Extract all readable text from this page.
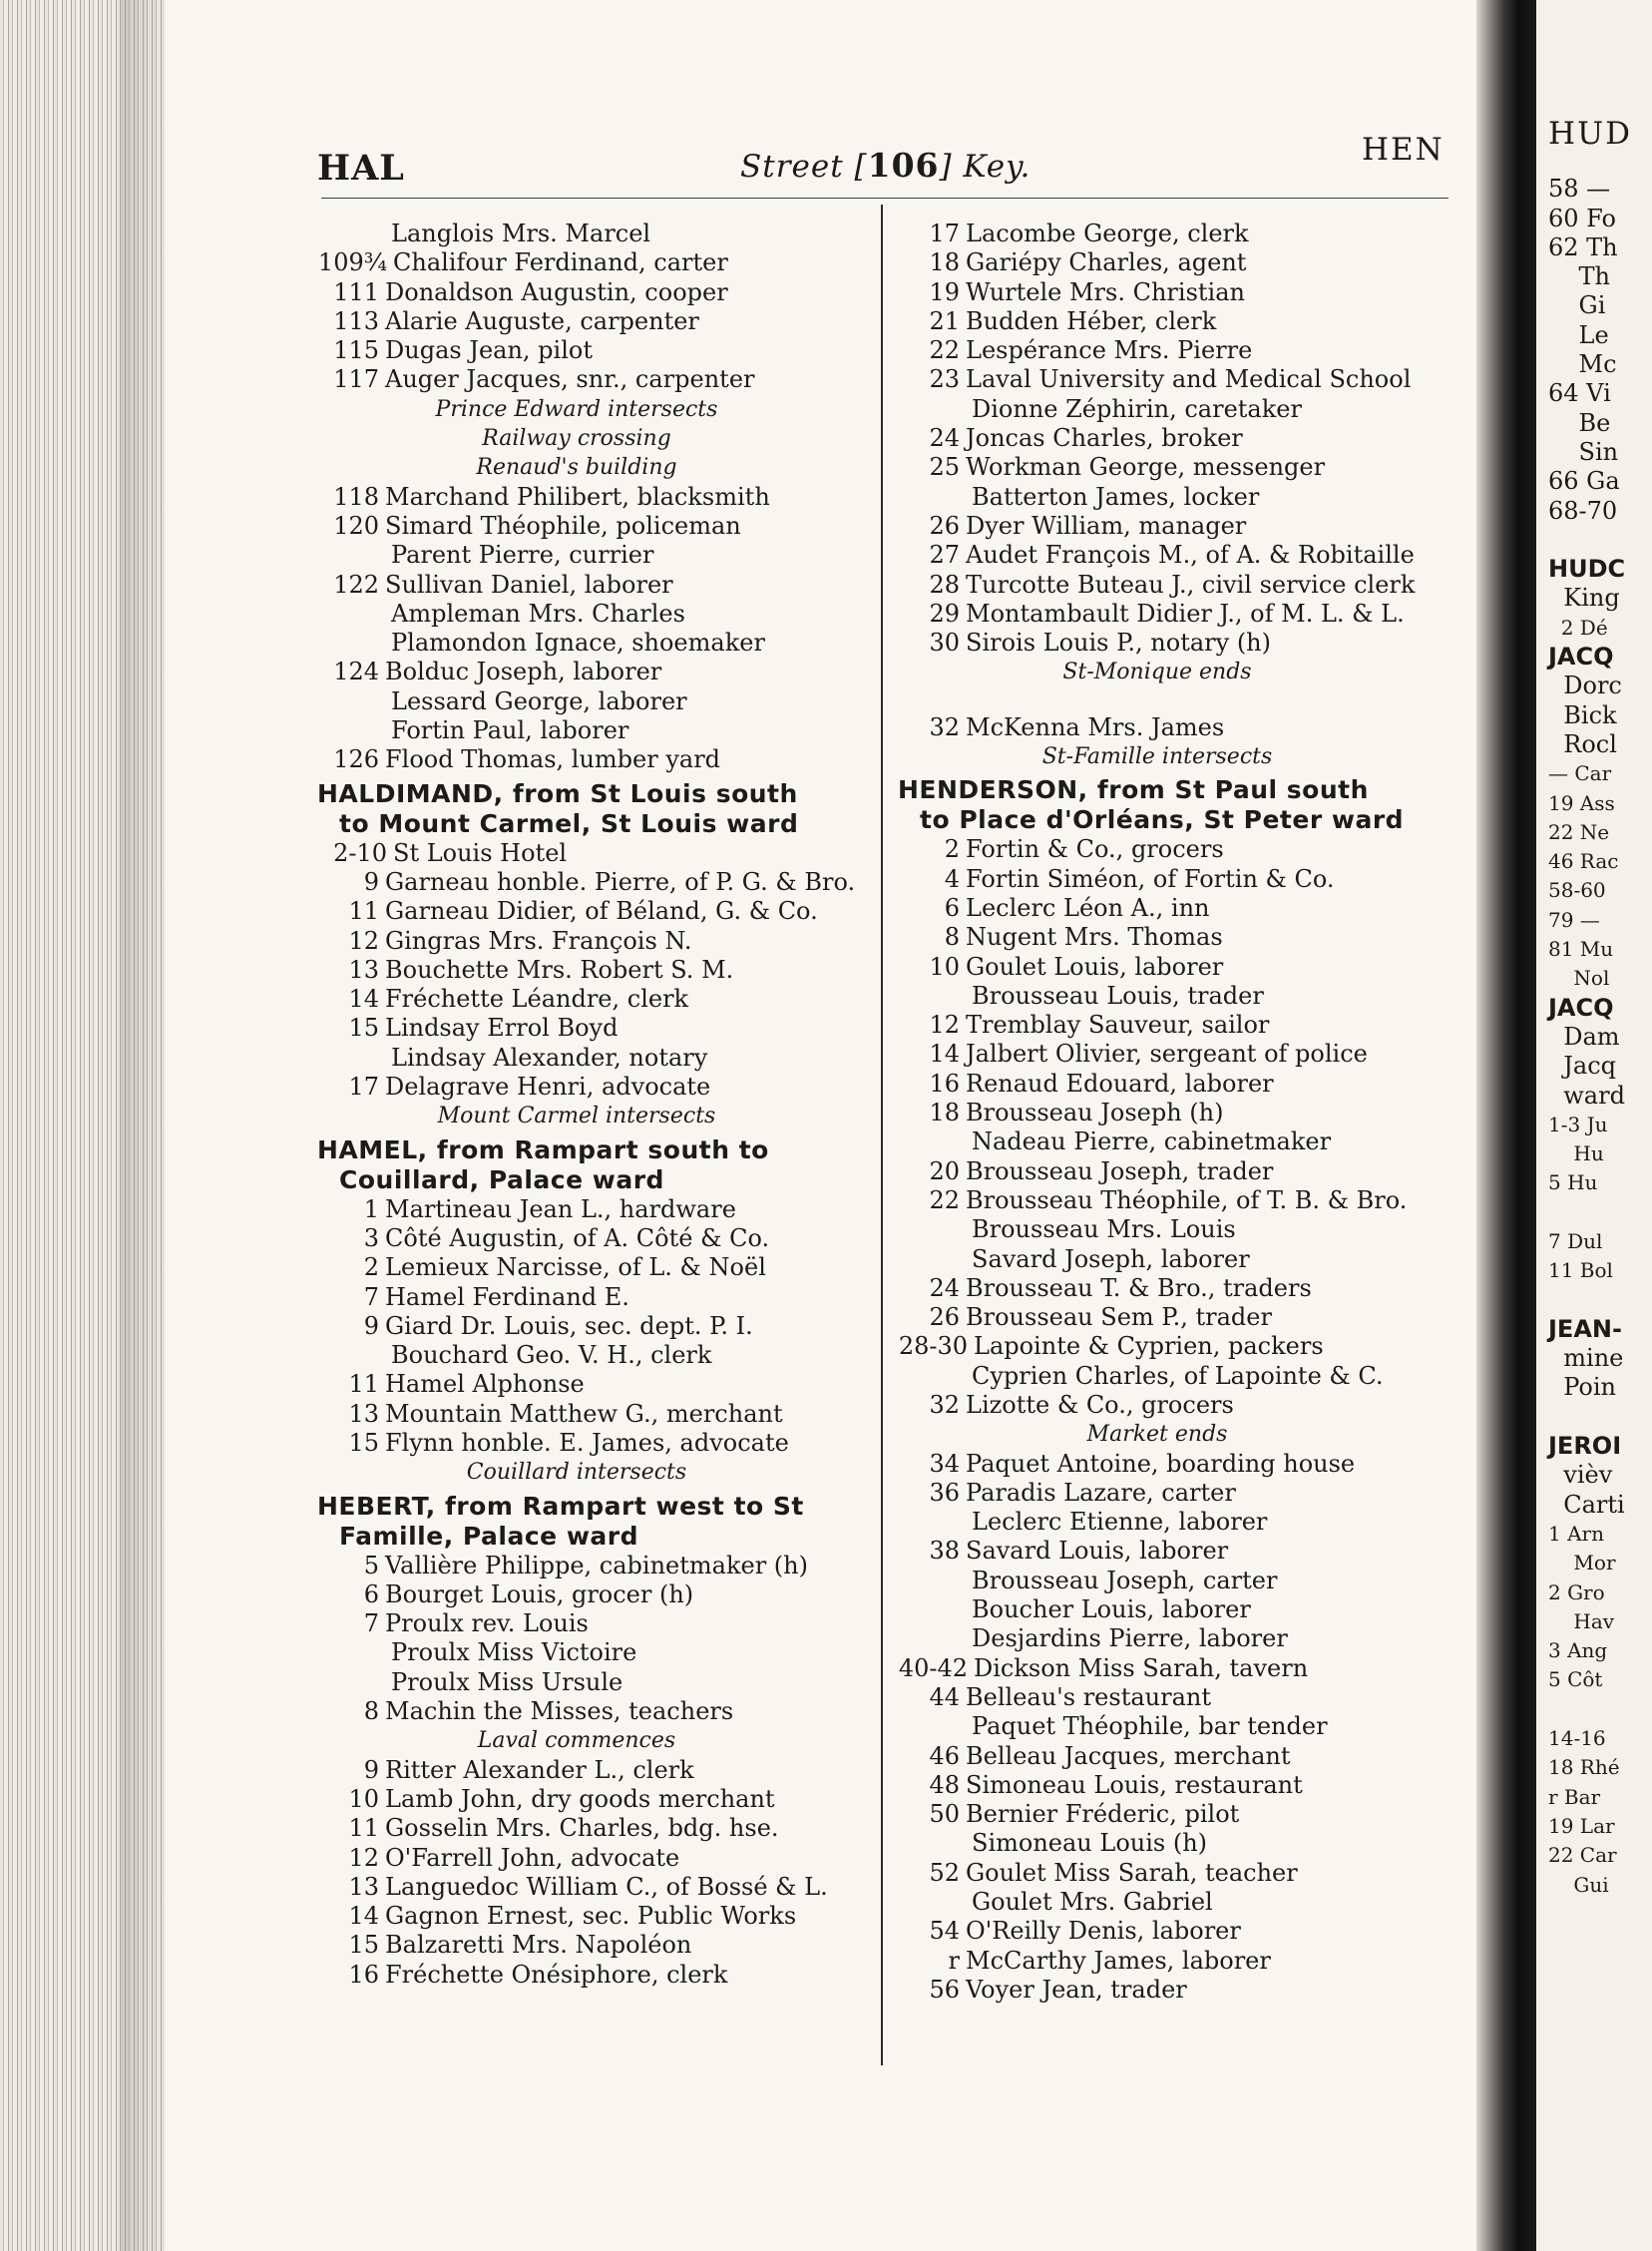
HAL	Street [106] Key.	HEN
Langlois Mrs. Marcel
109¾ Chalifour Ferdinand, carter
111 Donaldson Augustin, cooper
113 Alarie Auguste, carpenter
115 Dugas Jean, pilot
117 Auger Jacques, snr., carpenter
Prince Edward intersects
Railway crossing
Renaud's building
118 Marchand Philibert, blacksmith
120 Simard Théophile, policeman
Parent Pierre, currier
122 Sullivan Daniel, laborer
Ampleman Mrs. Charles
Plamondon Ignace, shoemaker
124 Bolduc Joseph, laborer
Lessard George, laborer
Fortin Paul, laborer
126 Flood Thomas, lumber yard
HALDIMAND, from St Louis south
to Mount Carmel, St Louis ward
2-10 St Louis Hotel
9 Garneau honble. Pierre, of P. G. & Bro.
11 Garneau Didier, of Béland, G. & Co.
12 Gingras Mrs. François N.
13 Bouchette Mrs. Robert S. M.
14 Fréchette Léandre, clerk
15 Lindsay Errol Boyd
Lindsay Alexander, notary
17 Delagrave Henri, advocate
Mount Carmel intersects
HAMEL, from Rampart south to
Couillard, Palace ward
1 Martineau Jean L., hardware
3 Côté Augustin, of A. Côté & Co.
2 Lemieux Narcisse, of L. & Noël
7 Hamel Ferdinand E.
9 Giard Dr. Louis, sec. dept. P. I.
Bouchard Geo. V. H., clerk
11 Hamel Alphonse
13 Mountain Matthew G., merchant
15 Flynn honble. E. James, advocate
Couillard intersects
HEBERT, from Rampart west to St
Famille, Palace ward
5 Vallière Philippe, cabinetmaker (h)
6 Bourget Louis, grocer (h)
7 Proulx rev. Louis
Proulx Miss Victoire
Proulx Miss Ursule
8 Machin the Misses, teachers
Laval commences
9 Ritter Alexander L., clerk
10 Lamb John, dry goods merchant
11 Gosselin Mrs. Charles, bdg. hse.
12 O'Farrell John, advocate
13 Languedoc William C., of Bossé & L.
14 Gagnon Ernest, sec. Public Works
15 Balzaretti Mrs. Napoléon
16 Fréchette Onésiphore, clerk
17 Lacombe George, clerk
18 Gariépy Charles, agent
19 Wurtele Mrs. Christian
21 Budden Héber, clerk
22 Lespérance Mrs. Pierre
23 Laval University and Medical School
Dionne Zéphirin, caretaker
24 Joncas Charles, broker
25 Workman George, messenger
Batterton James, locker
26 Dyer William, manager
27 Audet François M., of A. & Robitaille
28 Turcotte Buteau J., civil service clerk
29 Montambault Didier J., of M. L. & L.
30 Sirois Louis P., notary (h)
St-Monique ends
32 McKenna Mrs. James
St-Famille intersects
HENDERSON, from St Paul south
to Place d'Orléans, St Peter ward
2 Fortin & Co., grocers
4 Fortin Siméon, of Fortin & Co.
6 Leclerc Léon A., inn
8 Nugent Mrs. Thomas
10 Goulet Louis, laborer
Brousseau Louis, trader
12 Tremblay Sauveur, sailor
14 Jalbert Olivier, sergeant of police
16 Renaud Edouard, laborer
18 Brousseau Joseph (h)
Nadeau Pierre, cabinetmaker
20 Brousseau Joseph, trader
22 Brousseau Théophile, of T. B. & Bro.
Brousseau Mrs. Louis
Savard Joseph, laborer
24 Brousseau T. & Bro., traders
26 Brousseau Sem P., trader
28-30 Lapointe & Cyprien, packers
Cyprien Charles, of Lapointe & C.
32 Lizotte & Co., grocers
Market ends
34 Paquet Antoine, boarding house
36 Paradis Lazare, carter
Leclerc Etienne, laborer
38 Savard Louis, laborer
Brousseau Joseph, carter
Boucher Louis, laborer
Desjardins Pierre, laborer
40-42 Dickson Miss Sarah, tavern
44 Belleau's restaurant
Paquet Théophile, bar tender
46 Belleau Jacques, merchant
48 Simoneau Louis, restaurant
50 Bernier Fréderic, pilot
Simoneau Louis (h)
52 Goulet Miss Sarah, teacher
Goulet Mrs. Gabriel
54 O'Reilly Denis, laborer
r McCarthy James, laborer
56 Voyer Jean, trader
HUD
58 —
60 Fo
62 Th
Th
Gi
Le
Mc
64 Vi
Be
Sin
66 Ga
68-70

HUDC
King
2 Dé
JACQ
Dorc
Bick
Rocl
— Car
19 Ass
22 Ne
46 Rac
58-60
79 —
81 Mu
Nol
JACQ
Dam
Jacq
ward
1-3 Ju
Hu
5 Hu

7 Dul
11 Bol

JEAN-
mine
Poin

JEROI
vièv
Carti
1 Arn
Mor
2 Gro
Hav
3 Ang
5 Côt

14-16
18 Rhé
r Bar
19 Lar
22 Car
Gui
